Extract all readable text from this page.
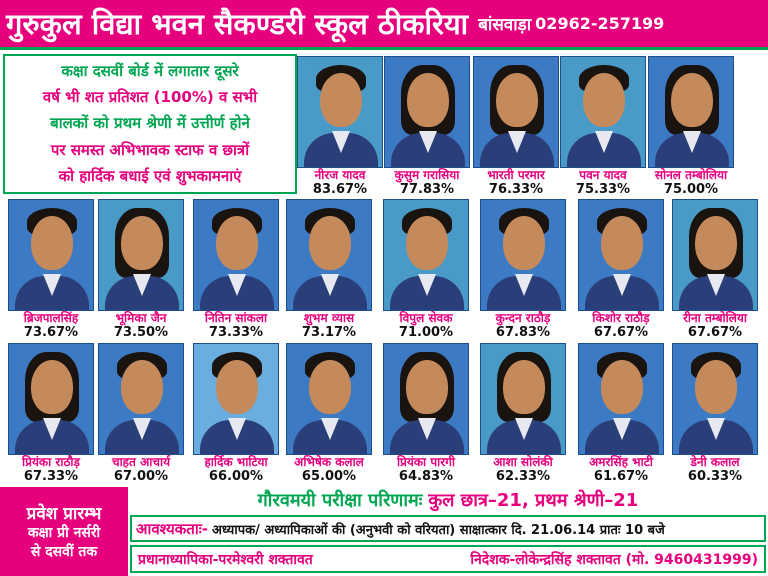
गुरुकुल विद्या भवन सैकण्डरी स्कूल ठीकरिया बांसवाड़ा 02962-257199
कक्षा दसवीं बोर्ड में लगातार दूसरे
वर्ष भी शत प्रतिशत (100%) व सभी
बालकों को प्रथम श्रेणी में उत्तीर्ण होने
पर समस्त अभिभावक स्टाफ व छात्रों
को हार्दिक बधाई एवं शुभकामनाएं	नीरज यादव
83.67%
कुसुम गरासिया
77.83%
भारती परमार
76.33%
पवन यादव
75.33%
सोनल तम्बोलिया
75.00%
ब्रिजपालसिंह
73.67%
भूमिका जैन
73.50%
नितिन सांकला
73.33%
शुभम व्यास
73.17%
विपुल सेवक
71.00%
कुन्दन राठौड़
67.83%
किशोर राठौड़
67.67%
रीना तम्बोलिया
67.67%
प्रियंका राठौड़
67.33%
चाहत आचार्य
67.00%
हार्दिक भाटिया
66.00%
अभिषेक कलाल
65.00%
प्रियंका पारगी
64.83%
आशा सोलंकी
62.33%
अमरसिंह भाटी
61.67%
डेनी कलाल
60.33%
प्रवेश प्रारम्भ
कक्षा प्री नर्सरी
से दसवीं तक
गौरवमयी परीक्षा परिणामः कुल छात्र–21, प्रथम श्रेणी–21
आवश्यकताः- अध्यापक/ अध्यापिकाओं की (अनुभवी को वरियता) साक्षात्कार दि. 21.06.14 प्रातः 10 बजे
प्रधानाध्यापिका-परमेश्वरी शक्तावत	निदेशक-लोकेन्द्रसिंह शक्तावत (मो. 9460431999)
